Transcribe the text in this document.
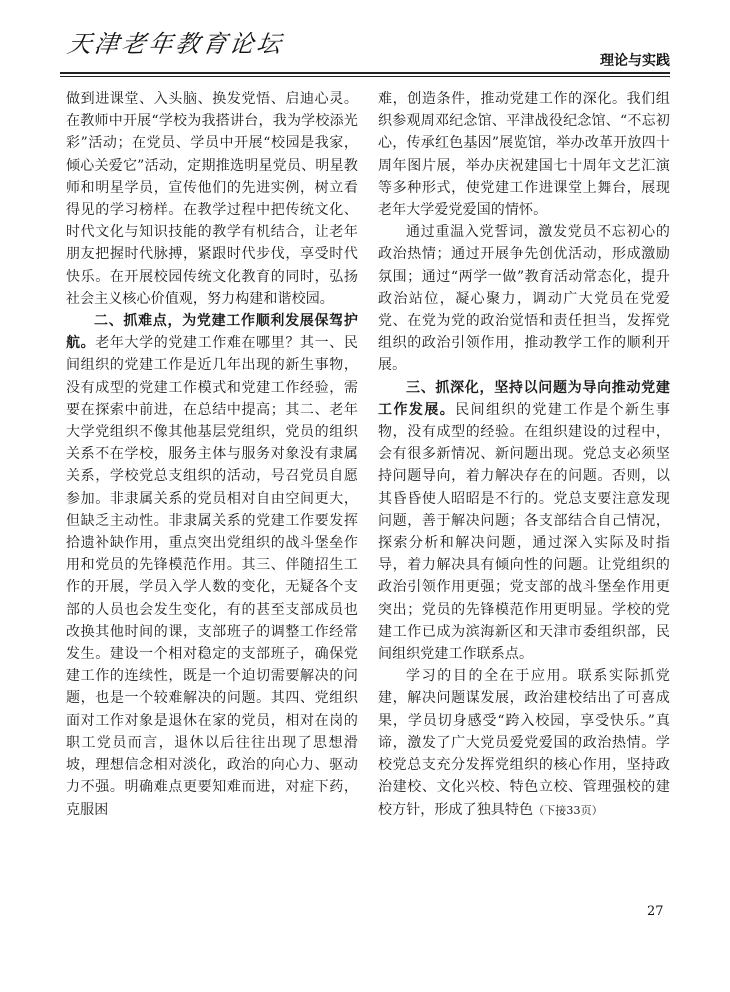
天津老年教育论坛
理论与实践

做到进课堂、入头脑、换发党悟、启迪心灵。在教师中开展“学校为我搭讲台，我为学校添光彩”活动；在党员、学员中开展“校园是我家，倾心关爱它”活动，定期推选明星党员、明星教师和明星学员，宣传他们的先进实例，树立看得见的学习榜样。在教学过程中把传统文化、时代文化与知识技能的教学有机结合，让老年朋友把握时代脉搏，紧跟时代步伐，享受时代快乐。在开展校园传统文化教育的同时，弘扬社会主义核心价值观，努力构建和谐校园。

二、抓难点，为党建工作顺利发展保驾护航。老年大学的党建工作难在哪里？其一、民间组织的党建工作是近几年出现的新生事物，没有成型的党建工作模式和党建工作经验，需要在探索中前进，在总结中提高；其二、老年大学党组织不像其他基层党组织，党员的组织关系不在学校，服务主体与服务对象没有隶属关系，学校党总支组织的活动，号召党员自愿参加。非隶属关系的党员相对自由空间更大，但缺乏主动性。非隶属关系的党建工作要发挥拾遗补缺作用，重点突出党组织的战斗堡垒作用和党员的先锋模范作用。其三、伴随招生工作的开展，学员入学人数的变化，无疑各个支部的人员也会发生变化，有的甚至支部成员也改换其他时间的课，支部班子的调整工作经常发生。建设一个相对稳定的支部班子，确保党建工作的连续性，既是一个迫切需要解决的问题，也是一个较难解决的问题。其四、党组织面对工作对象是退休在家的党员，相对在岗的职工党员而言，退休以后往往出现了思想滑坡，理想信念相对淡化，政治的向心力、驱动力不强。明确难点更要知难而进，对症下药，克服困

难，创造条件，推动党建工作的深化。我们组织参观周邓纪念馆、平津战役纪念馆、“不忘初心，传承红色基因”展览馆，举办改革开放四十周年图片展，举办庆祝建国七十周年文艺汇演等多种形式，使党建工作进课堂上舞台，展现老年大学爱党爱国的情怀。

通过重温入党誓词，激发党员不忘初心的政治热情；通过开展争先创优活动，形成激励氛围；通过“两学一做”教育活动常态化，提升政治站位，凝心聚力，调动广大党员在党爱党、在党为党的政治觉悟和责任担当，发挥党组织的政治引领作用，推动教学工作的顺利开展。

三、抓深化，坚持以问题为导向推动党建工作发展。民间组织的党建工作是个新生事物，没有成型的经验。在组织建设的过程中，会有很多新情况、新问题出现。党总支必须坚持问题导向，着力解决存在的问题。否则，以其昏昏使人昭昭是不行的。党总支要注意发现问题，善于解决问题；各支部结合自己情况，探索分析和解决问题，通过深入实际及时指导，着力解决具有倾向性的问题。让党组织的政治引领作用更强；党支部的战斗堡垒作用更突出；党员的先锋模范作用更明显。学校的党建工作已成为滨海新区和天津市委组织部，民间组织党建工作联系点。

学习的目的全在于应用。联系实际抓党建，解决问题谋发展，政治建校结出了可喜成果，学员切身感受“跨入校园，享受快乐。”真谛，激发了广大党员爱党爱国的政治热情。学校党总支充分发挥党组织的核心作用，坚持政治建校、文化兴校、特色立校、管理强校的建校方针，形成了独具特色（下接33页）

27
